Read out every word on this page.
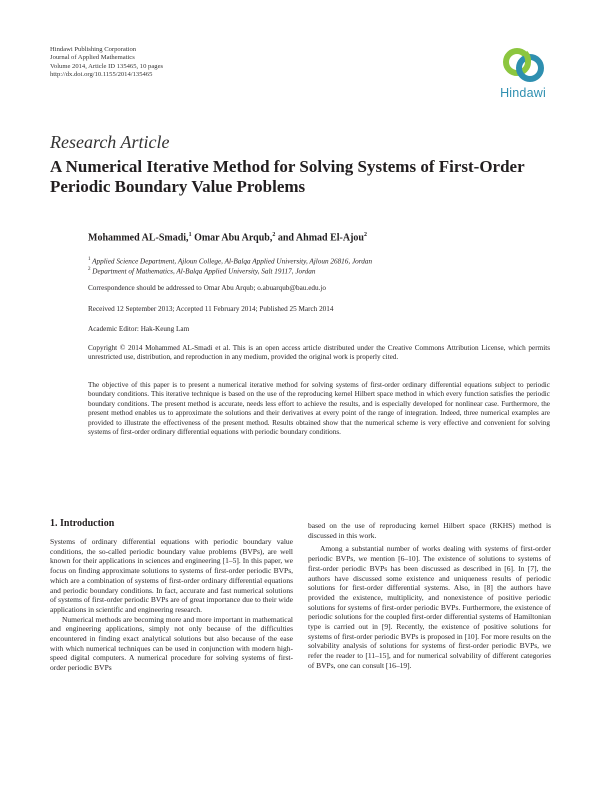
Hindawi Publishing Corporation
Journal of Applied Mathematics
Volume 2014, Article ID 135465, 10 pages
http://dx.doi.org/10.1155/2014/135465
Hindawi
Research Article
A Numerical Iterative Method for Solving Systems of First-Order Periodic Boundary Value Problems
Mohammed AL-Smadi,$^1$ Omar Abu Arqub,$^2$ and Ahmad El-Ajou$^2$
$^1$ Applied Science Department, Ajloun College, Al-Balqa Applied University, Ajloun 26816, Jordan
$^2$ Department of Mathematics, Al-Balqa Applied University, Salt 19117, Jordan
Correspondence should be addressed to Omar Abu Arqub; o.abuarqub@bau.edu.jo
Received 12 September 2013; Accepted 11 February 2014; Published 25 March 2014
Academic Editor: Hak-Keung Lam
Copyright © 2014 Mohammed AL-Smadi et al. This is an open access article distributed under the Creative Commons Attribution License, which permits unrestricted use, distribution, and reproduction in any medium, provided the original work is properly cited.
The objective of this paper is to present a numerical iterative method for solving systems of first-order ordinary differential equations subject to periodic boundary conditions. This iterative technique is based on the use of the reproducing kernel Hilbert space method in which every function satisfies the periodic boundary conditions. The present method is accurate, needs less effort to achieve the results, and is especially developed for nonlinear case. Furthermore, the present method enables us to approximate the solutions and their derivatives at every point of the range of integration. Indeed, three numerical examples are provided to illustrate the effectiveness of the present method. Results obtained show that the numerical scheme is very effective and convenient for solving systems of first-order ordinary differential equations with periodic boundary conditions.
1. Introduction

Systems of ordinary differential equations with periodic boundary value conditions, the so-called periodic boundary value problems (BVPs), are well known for their applications in sciences and engineering [1–5]. In this paper, we focus on finding approximate solutions to systems of first-order periodic BVPs, which are a combination of systems of first-order ordinary differential equations and periodic boundary conditions. In fact, accurate and fast numerical solutions of systems of first-order periodic BVPs are of great importance due to their wide applications in scientific and engineering research.

Numerical methods are becoming more and more important in mathematical and engineering applications, simply not only because of the difficulties encountered in finding exact analytical solutions but also because of the ease with which numerical techniques can be used in conjunction with modern high-speed digital computers. A numerical procedure for solving systems of first-order periodic BVPs

based on the use of reproducing kernel Hilbert space (RKHS) method is discussed in this work.

Among a substantial number of works dealing with systems of first-order periodic BVPs, we mention [6–10]. The existence of solutions to systems of first-order periodic BVPs has been discussed as described in [6]. In [7], the authors have discussed some existence and uniqueness results of periodic solutions for first-order differential systems. Also, in [8] the authors have provided the existence, multiplicity, and nonexistence of positive periodic solutions for systems of first-order periodic BVPs. Furthermore, the existence of periodic solutions for the coupled first-order differential systems of Hamiltonian type is carried out in [9]. Recently, the existence of positive solutions for systems of first-order periodic BVPs is proposed in [10]. For more results on the solvability analysis of solutions for systems of first-order periodic BVPs, we refer the reader to [11–15], and for numerical solvability of different categories of BVPs, one can consult [16–19].
